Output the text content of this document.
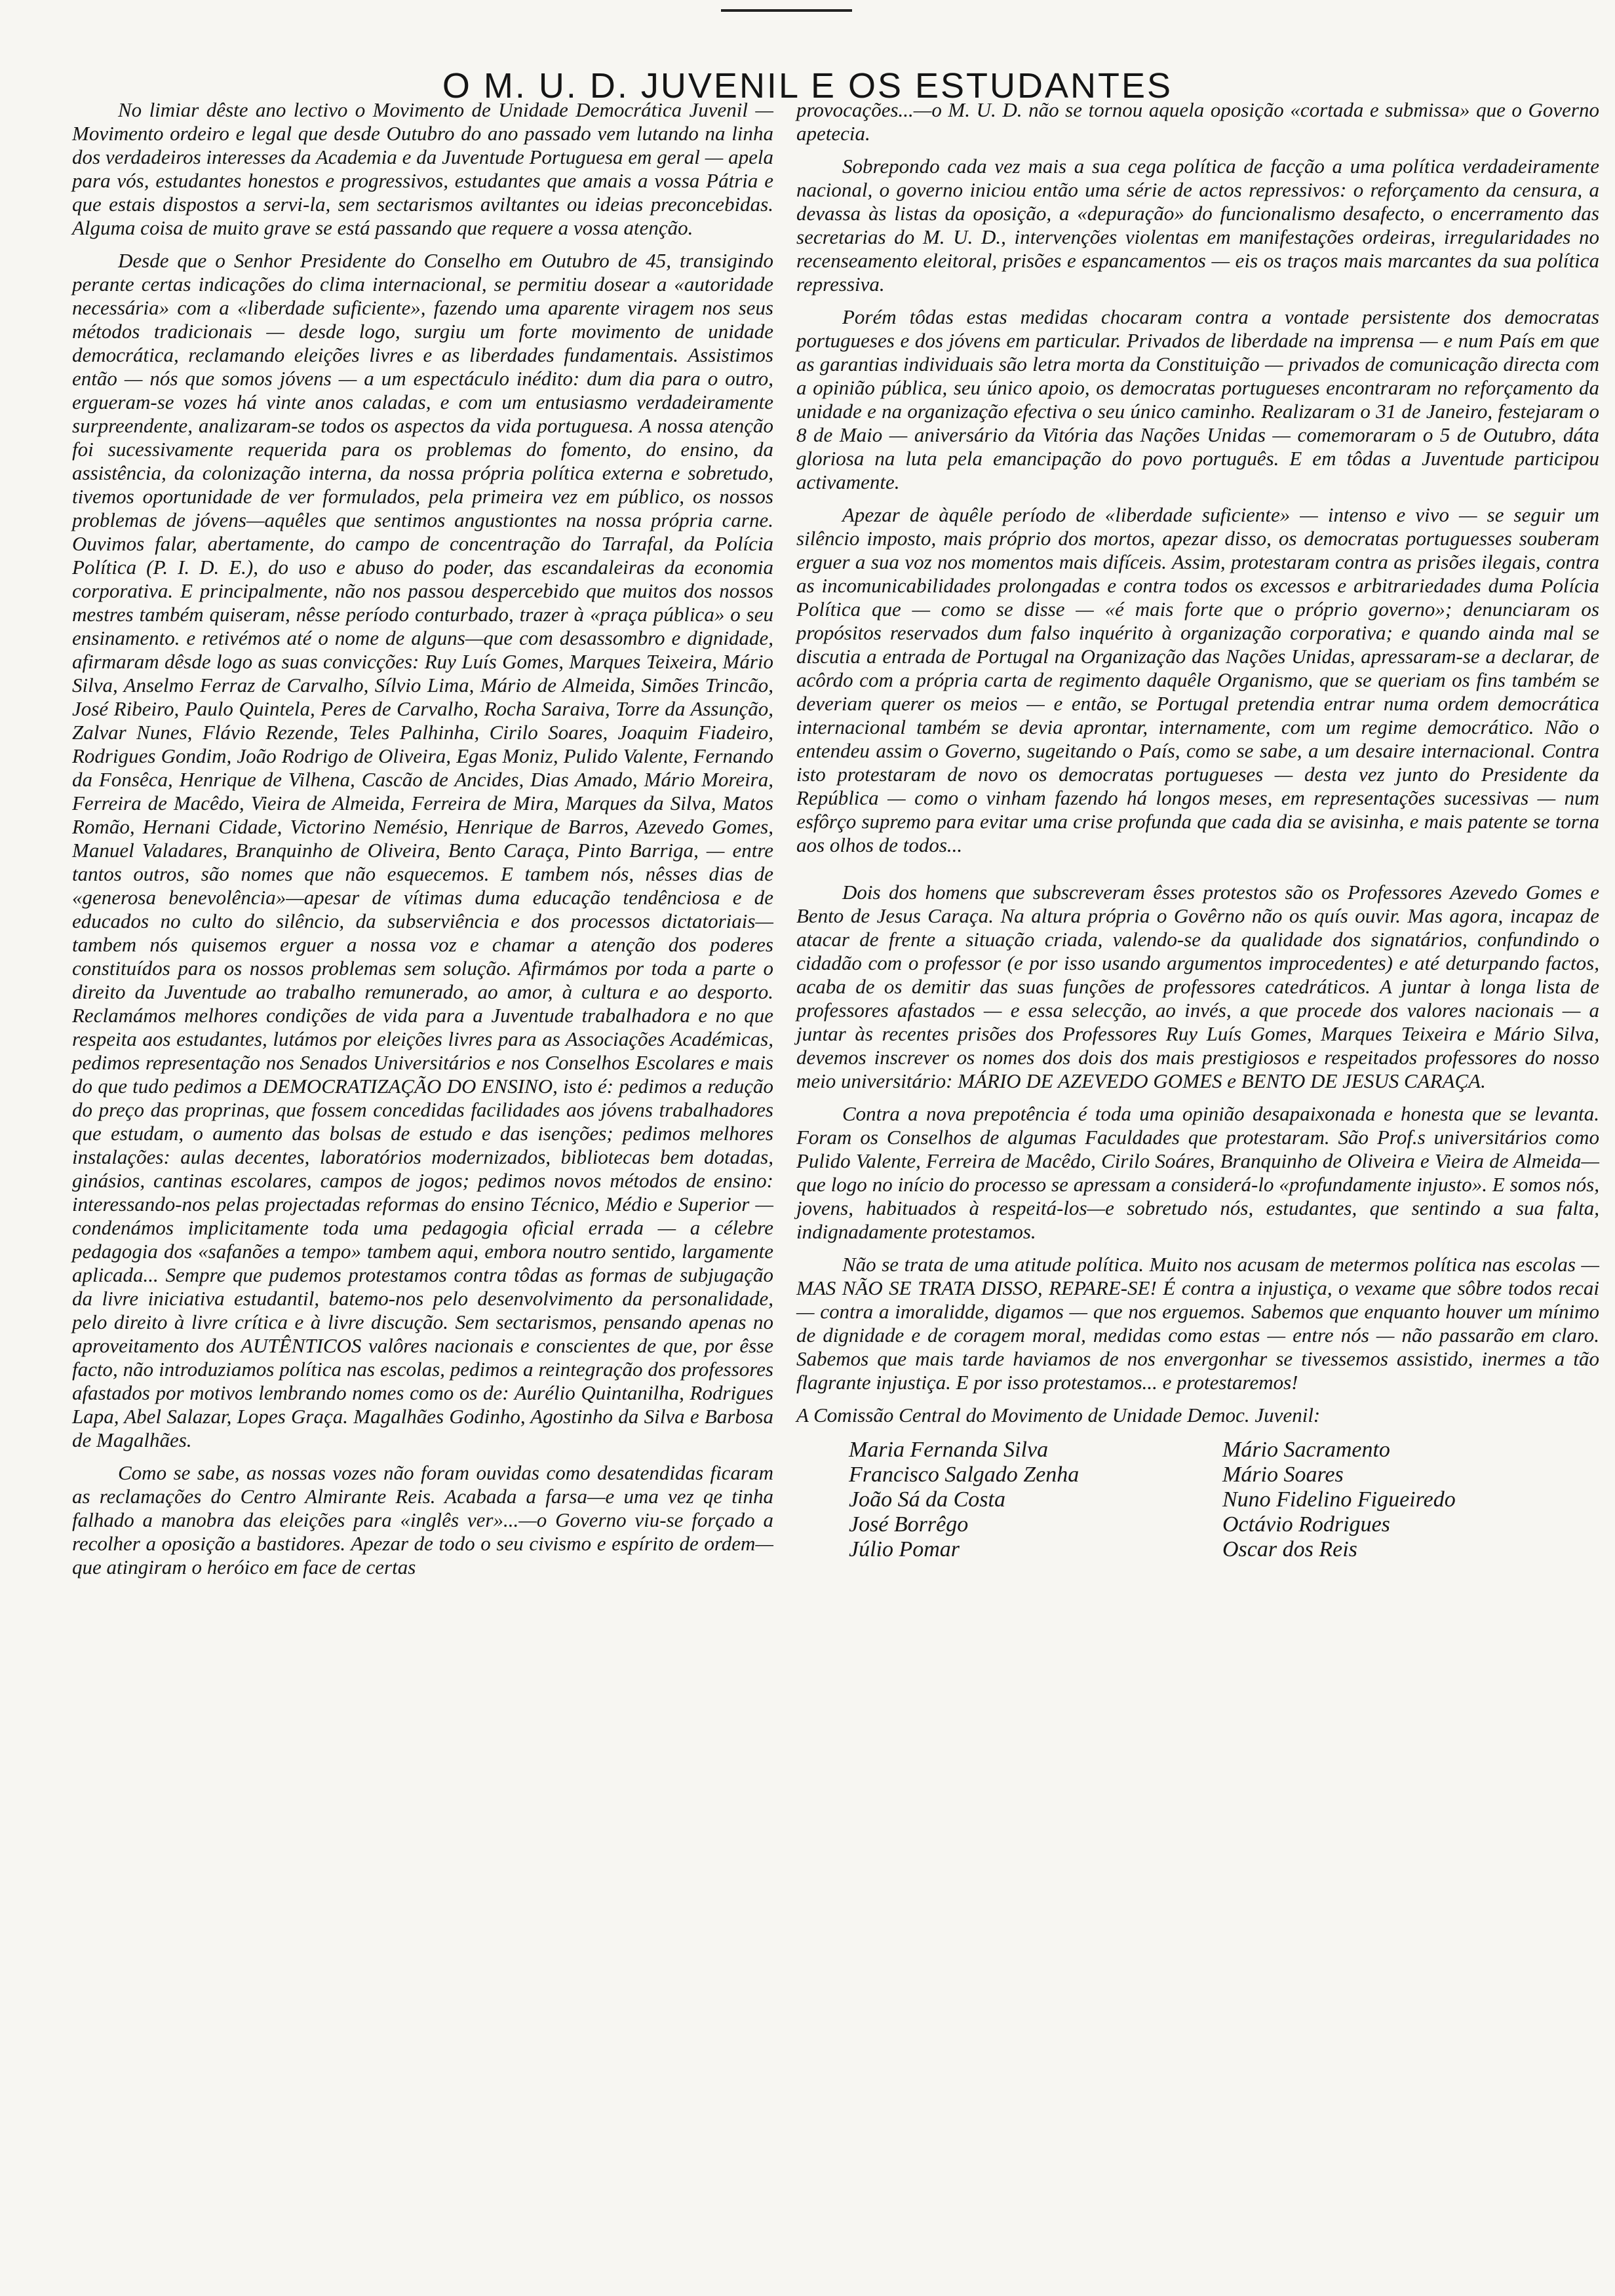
O M. U. D. JUVENIL E OS ESTUDANTES

No limiar dêste ano lectivo o Movimento de Unidade Democrática Juvenil — Movimento ordeiro e legal que desde Outubro do ano passado vem lutando na linha dos verdadeiros interesses da Academia e da Juventude Portuguesa em geral — apela para vós, estudantes honestos e progressivos, estudantes que amais a vossa Pátria e que estais dispostos a servi-la, sem sectarismos aviltantes ou ideias preconcebidas. Alguma coisa de muito grave se está passando que requere a vossa atenção.

Desde que o Senhor Presidente do Conselho em Outubro de 45, transigindo perante certas indicações do clima internacional, se permitiu dosear a «autoridade necessária» com a «liberdade suficiente», fazendo uma aparente viragem nos seus métodos tradicionais — desde logo, surgiu um forte movimento de unidade democrática, reclamando eleições livres e as liberdades fundamentais. Assistimos então — nós que somos jóvens — a um espectáculo inédito: dum dia para o outro, ergueram-se vozes há vinte anos caladas, e com um entusiasmo verdadeiramente surpreendente, analizaram-se todos os aspectos da vida portuguesa. A nossa atenção foi sucessivamente requerida para os problemas do fomento, do ensino, da assistência, da colonização interna, da nossa própria política externa e sobretudo, tivemos oportunidade de ver formulados, pela primeira vez em público, os nossos problemas de jóvens—aquêles que sentimos angustiontes na nossa própria carne. Ouvimos falar, abertamente, do campo de concentração do Tarrafal, da Polícia Política (P. I. D. E.), do uso e abuso do poder, das escandaleiras da economia corporativa. E principalmente, não nos passou despercebido que muitos dos nossos mestres também quiseram, nêsse período conturbado, trazer à «praça pública» o seu ensinamento. e retivémos até o nome de alguns—que com desassombro e dignidade, afirmaram dêsde logo as suas convicções: Ruy Luís Gomes, Marques Teixeira, Mário Silva, Anselmo Ferraz de Carvalho, Sílvio Lima, Mário de Almeida, Simões Trincão, José Ribeiro, Paulo Quintela, Peres de Carvalho, Rocha Saraiva, Torre da Assunção, Zalvar Nunes, Flávio Rezende, Teles Palhinha, Cirilo Soares, Joaquim Fiadeiro, Rodrigues Gondim, João Rodrigo de Oliveira, Egas Moniz, Pulido Valente, Fernando da Fonsêca, Henrique de Vilhena, Cascão de Ancides, Dias Amado, Mário Moreira, Ferreira de Macêdo, Vieira de Almeida, Ferreira de Mira, Marques da Silva, Matos Romão, Hernani Cidade, Victorino Nemésio, Henrique de Barros, Azevedo Gomes, Manuel Valadares, Branquinho de Oliveira, Bento Caraça, Pinto Barriga, — entre tantos outros, são nomes que não esquecemos. E tambem nós, nêsses dias de «generosa benevolência»—apesar de vítimas duma educação tendênciosa e de educados no culto do silêncio, da subserviência e dos processos dictatoriais—tambem nós quisemos erguer a nossa voz e chamar a atenção dos poderes constituídos para os nossos problemas sem solução. Afirmámos por toda a parte o direito da Juventude ao trabalho remunerado, ao amor, à cultura e ao desporto. Reclamámos melhores condições de vida para a Juventude trabalhadora e no que respeita aos estudantes, lutámos por eleições livres para as Associações Académicas, pedimos representação nos Senados Universitários e nos Conselhos Escolares e mais do que tudo pedimos a DEMOCRATIZAÇÃO DO ENSINO, isto é: pedimos a redução do preço das proprinas, que fossem concedidas facilidades aos jóvens trabalhadores que estudam, o aumento das bolsas de estudo e das isenções; pedimos melhores instalações: aulas decentes, laboratórios modernizados, bibliotecas bem dotadas, ginásios, cantinas escolares, campos de jogos; pedimos novos métodos de ensino: interessando-nos pelas projectadas reformas do ensino Técnico, Médio e Superior — condenámos implicitamente toda uma pedagogia oficial errada — a célebre pedagogia dos «safanões a tempo» tambem aqui, embora noutro sentido, largamente aplicada... Sempre que pudemos protestamos contra tôdas as formas de subjugação da livre iniciativa estudantil, batemo-nos pelo desenvolvimento da personalidade, pelo direito à livre crítica e à livre discução. Sem sectarismos, pensando apenas no aproveitamento dos AUTÊNTICOS valôres nacionais e conscientes de que, por êsse facto, não introduziamos política nas escolas, pedimos a reintegração dos professores afastados por motivos lembrando nomes como os de: Aurélio Quintanilha, Rodrigues Lapa, Abel Salazar, Lopes Graça. Magalhães Godinho, Agostinho da Silva e Barbosa de Magalhães.

Como se sabe, as nossas vozes não foram ouvidas como desatendidas ficaram as reclamações do Centro Almirante Reis. Acabada a farsa—e uma vez qe tinha falhado a manobra das eleições para «inglês ver»...—o Governo viu-se forçado a recolher a oposição a bastidores. Apezar de todo o seu civismo e espírito de ordem—que atingiram o heróico em face de certas

provocações...—o M. U. D. não se tornou aquela oposição «cortada e submissa» que o Governo apetecia.

Sobrepondo cada vez mais a sua cega política de facção a uma política verdadeiramente nacional, o governo iniciou então uma série de actos repressivos: o reforçamento da censura, a devassa às listas da oposição, a «depuração» do funcionalismo desafecto, o encerramento das secretarias do M. U. D., intervenções violentas em manifestações ordeiras, irregularidades no recenseamento eleitoral, prisões e espancamentos — eis os traços mais marcantes da sua política repressiva.

Porém tôdas estas medidas chocaram contra a vontade persistente dos democratas portugueses e dos jóvens em particular. Privados de liberdade na imprensa — e num País em que as garantias individuais são letra morta da Constituição — privados de comunicação directa com a opinião pública, seu único apoio, os democratas portugueses encontraram no reforçamento da unidade e na organização efectiva o seu único caminho. Realizaram o 31 de Janeiro, festejaram o 8 de Maio — aniversário da Vitória das Nações Unidas — comemoraram o 5 de Outubro, dáta gloriosa na luta pela emancipação do povo português. E em tôdas a Juventude participou activamente.

Apezar de àquêle período de «liberdade suficiente» — intenso e vivo — se seguir um silêncio imposto, mais próprio dos mortos, apezar disso, os democratas portuguesses souberam erguer a sua voz nos momentos mais difíceis. Assim, protestaram contra as prisões ilegais, contra as incomunicabilidades prolongadas e contra todos os excessos e arbitrariedades duma Polícia Política que — como se disse — «é mais forte que o próprio governo»; denunciaram os propósitos reservados dum falso inquérito à organização corporativa; e quando ainda mal se discutia a entrada de Portugal na Organização das Nações Unidas, apressaram-se a declarar, de acôrdo com a própria carta de regimento daquêle Organismo, que se queriam os fins também se deveriam querer os meios — e então, se Portugal pretendia entrar numa ordem democrática internacional também se devia aprontar, internamente, com um regime democrático. Não o entendeu assim o Governo, sugeitando o País, como se sabe, a um desaire internacional. Contra isto protestaram de novo os democratas portugueses — desta vez junto do Presidente da República — como o vinham fazendo há longos meses, em representações sucessivas — num esfôrço supremo para evitar uma crise profunda que cada dia se avisinha, e mais patente se torna aos olhos de todos...

Dois dos homens que subscreveram êsses protestos são os Professores Azevedo Gomes e Bento de Jesus Caraça. Na altura própria o Govêrno não os quís ouvir. Mas agora, incapaz de atacar de frente a situação criada, valendo-se da qualidade dos signatários, confundindo o cidadão com o professor (e por isso usando argumentos improcedentes) e até deturpando factos, acaba de os demitir das suas funções de professores catedráticos. A juntar à longa lista de professores afastados — e essa selecção, ao invés, a que procede dos valores nacionais — a juntar às recentes prisões dos Professores Ruy Luís Gomes, Marques Teixeira e Mário Silva, devemos inscrever os nomes dos dois dos mais prestigiosos e respeitados professores do nosso meio universitário: MÁRIO DE AZEVEDO GOMES e BENTO DE JESUS CARAÇA.

Contra a nova prepotência é toda uma opinião desapaixonada e honesta que se levanta. Foram os Conselhos de algumas Faculdades que protestaram. São Prof.s universitários como Pulido Valente, Ferreira de Macêdo, Cirilo Soáres, Branquinho de Oliveira e Vieira de Almeida—que logo no início do processo se apressam a considerá-lo «profundamente injusto». E somos nós, jovens, habituados à respeitá-los—e sobretudo nós, estudantes, que sentindo a sua falta, indignadamente protestamos.

Não se trata de uma atitude política. Muito nos acusam de metermos política nas escolas — MAS NÃO SE TRATA DISSO, REPARE-SE! É contra a injustiça, o vexame que sôbre todos recai — contra a imoralidde, digamos — que nos erguemos. Sabemos que enquanto houver um mínimo de dignidade e de coragem moral, medidas como estas — entre nós — não passarão em claro. Sabemos que mais tarde haviamos de nos envergonhar se tivessemos assistido, inermes a tão flagrante injustiça. E por isso protestamos... e protestaremos!

A Comissão Central do Movimento de Unidade Democ. Juvenil:

Maria Fernanda Silva
Francisco Salgado Zenha
João Sá da Costa
José Borrêgo
Júlio Pomar
Mário Sacramento
Mário Soares
Nuno Fidelino Figueiredo
Octávio Rodrigues
Oscar dos Reis
